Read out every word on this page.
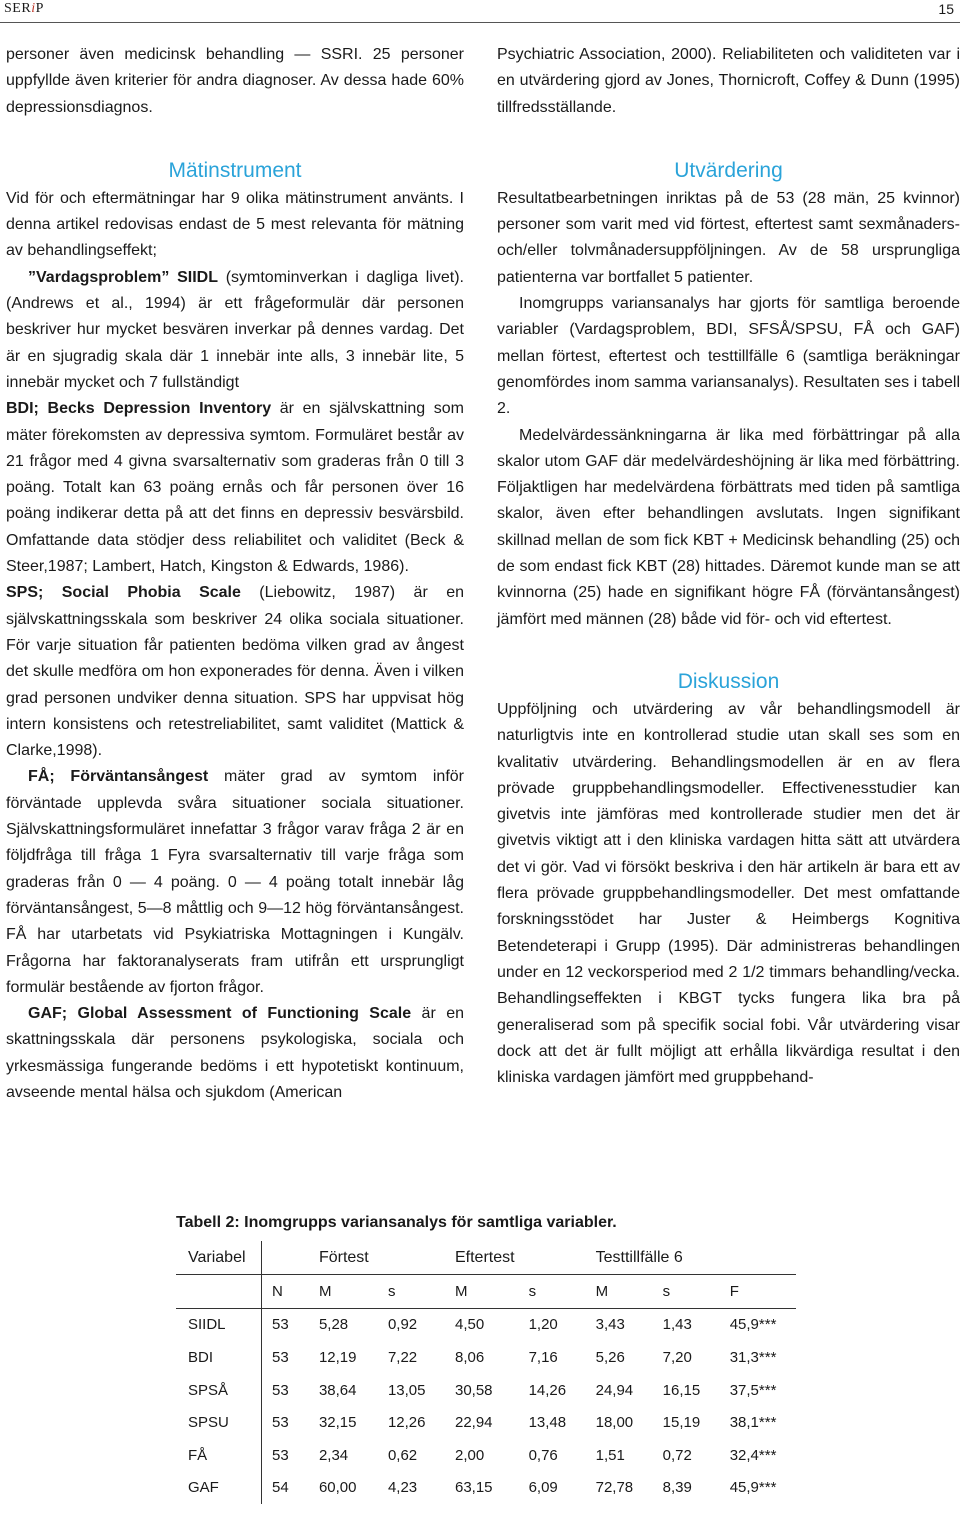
SERiP	15

personer även medicinsk behandling — SSRI. 25 personer uppfyllde även kriterier för andra diagnoser. Av dessa hade 60% depressionsdiagnos.

Mätinstrument

Vid för och eftermätningar har 9 olika mätinstrument använts. I denna artikel redovisas endast de 5 mest relevanta för mätning av behandlingseffekt;

”Vardagsproblem” SIIDL (symtominverkan i dagliga livet). (Andrews et al., 1994) är ett frågeformulär där personen beskriver hur mycket besvären inverkar på dennes vardag. Det är en sjugradig skala där 1 innebär inte alls, 3 innebär lite, 5 innebär mycket och 7 fullständigt

BDI; Becks Depression Inventory är en självskattning som mäter förekomsten av depressiva symtom. Formuläret består av 21 frågor med 4 givna svarsalternativ som graderas från 0 till 3 poäng. Totalt kan 63 poäng ernås och får personen över 16 poäng indikerar detta på att det finns en depressiv besvärsbild. Omfattande data stödjer dess reliabilitet och validitet (Beck & Steer,1987; Lambert, Hatch, Kingston & Edwards, 1986).

SPS; Social Phobia Scale (Liebowitz, 1987) är en självskattningsskala som beskriver 24 olika sociala situationer. För varje situation får patienten bedöma vilken grad av ångest det skulle medföra om hon exponerades för denna. Även i vilken grad personen undviker denna situation. SPS har uppvisat hög intern konsistens och retestreliabilitet, samt validitet (Mattick & Clarke,1998).

FÅ; Förväntansångest mäter grad av symtom inför förväntade upplevda svåra situationer sociala situationer. Självskattningsformuläret innefattar 3 frågor varav fråga 2 är en följdfråga till fråga 1 Fyra svarsalternativ till varje fråga som graderas från 0 — 4 poäng. 0 — 4 poäng totalt innebär låg förväntansångest, 5—8 måttlig och 9—12 hög förväntansångest. FÅ har utarbetats vid Psykiatriska Mottagningen i Kungälv. Frågorna har faktoranalyserats fram utifrån ett ursprungligt formulär bestående av fjorton frågor.

GAF; Global Assessment of Functioning Scale är en skattningsskala där personens psykologiska, sociala och yrkesmässiga fungerande bedöms i ett hypotetiskt kontinuum, avseende mental hälsa och sjukdom (American

Psychiatric Association, 2000). Reliabiliteten och validiteten var i en utvärdering gjord av Jones, Thornicroft, Coffey & Dunn (1995) tillfredsställande.

Utvärdering

Resultatbearbetningen inriktas på de 53 (28 män, 25 kvinnor) personer som varit med vid förtest, eftertest samt sexmånaders- och/eller tolvmånadersuppföljningen. Av de 58 ursprungliga patienterna var bortfallet 5 patienter.

Inomgrupps variansanalys har gjorts för samtliga beroende variabler (Vardagsproblem, BDI, SFSÅ/SPSU, FÅ och GAF) mellan förtest, eftertest och testtillfälle 6 (samtliga beräkningar genomfördes inom samma variansanalys). Resultaten ses i tabell 2.

Medelvärdessänkningarna är lika med förbättringar på alla skalor utom GAF där medelvärdeshöjning är lika med förbättring. Följaktligen har medelvärdena förbättrats med tiden på samtliga skalor, även efter behandlingen avslutats. Ingen signifikant skillnad mellan de som fick KBT + Medicinsk behandling (25) och de som endast fick KBT (28) hittades. Däremot kunde man se att kvinnorna (25) hade en signifikant högre FÅ (förväntansångest) jämfört med männen (28) både vid för- och vid eftertest.

Diskussion

Uppföljning och utvärdering av vår behandlingsmodell är naturligtvis inte en kontrollerad studie utan skall ses som en kvalitativ utvärdering. Behandlingsmodellen är en av flera prövade gruppbehandlingsmodeller. Effectivenesstudier kan givetvis inte jämföras med kontrollerade studier men det är givetvis viktigt att i den kliniska vardagen hitta sätt att utvärdera det vi gör. Vad vi försökt beskriva i den här artikeln är bara ett av flera prövade gruppbehandlingsmodeller. Det mest omfattande forskningsstödet har Juster & Heimbergs Kognitiva Betendeterapi i Grupp (1995). Där administreras behandlingen under en 12 veckorsperiod med 2 1/2 timmars behandling/vecka. Behandlingseffekten i KBGT tycks fungera lika bra på generaliserad som på specifik social fobi. Vår utvärdering visar dock att det är fullt möjligt att erhålla likvärdiga resultat i den kliniska vardagen jämfört med gruppbehand-

Tabell 2: Inomgrupps variansanalys för samtliga variabler.
Variabel		Förtest		Eftertest		Testtillfälle 6		
	N	M	s	M	s	M	s	F
SIIDL	53	5,28	0,92	4,50	1,20	3,43	1,43	45,9***
BDI	53	12,19	7,22	8,06	7,16	5,26	7,20	31,3***
SPSÅ	53	38,64	13,05	30,58	14,26	24,94	16,15	37,5***
SPSU	53	32,15	12,26	22,94	13,48	18,00	15,19	38,1***
FÅ	53	2,34	0,62	2,00	0,76	1,51	0,72	32,4***
GAF	54	60,00	4,23	63,15	6,09	72,78	8,39	45,9***
